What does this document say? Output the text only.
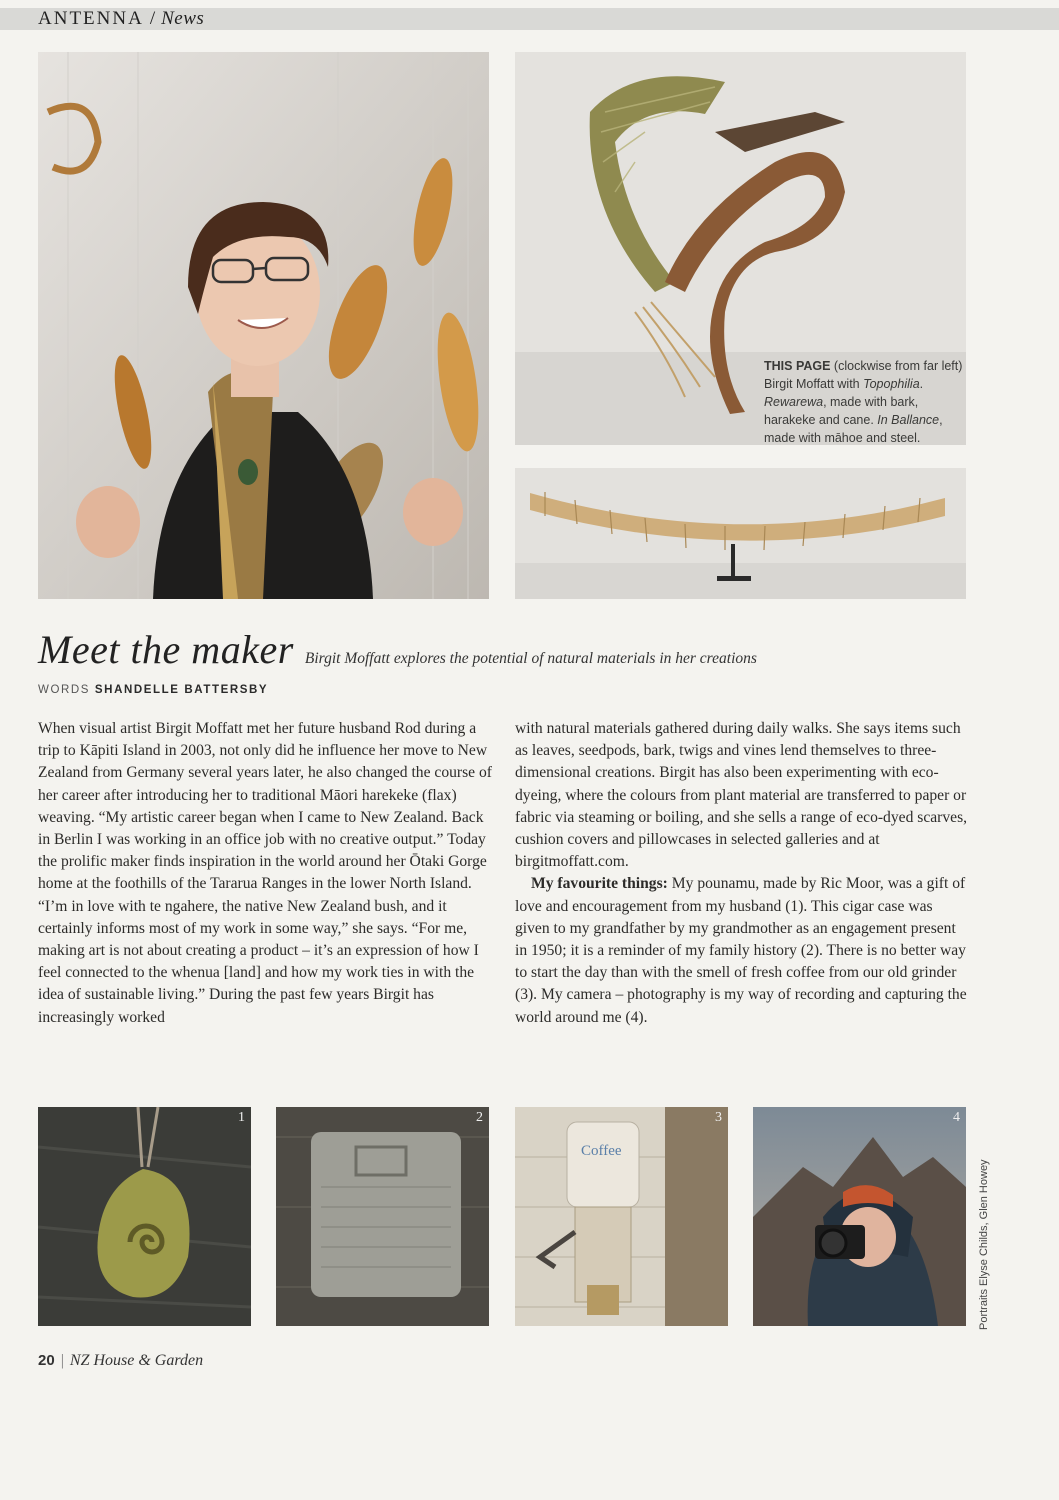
ANTENNA / News
THIS PAGE (clockwise from far left) Birgit Moffatt with Topophilia. Rewarewa, made with bark, harakeke and cane. In Ballance, made with māhoe and steel.
Meet the maker Birgit Moffatt explores the potential of natural materials in her creations
WORDS SHANDELLE BATTERSBY

When visual artist Birgit Moffatt met her future husband Rod during a trip to Kāpiti Island in 2003, not only did he influence her move to New Zealand from Germany several years later, he also changed the course of her career after introducing her to traditional Māori harekeke (flax) weaving. “My artistic career began when I came to New Zealand. Back in Berlin I was working in an office job with no creative output.” Today the prolific maker finds inspiration in the world around her Ōtaki Gorge home at the foothills of the Tararua Ranges in the lower North Island. “I’m in love with te ngahere, the native New Zealand bush, and it certainly informs most of my work in some way,” she says. “For me, making art is not about creating a product – it’s an expression of how I feel connected to the whenua [land] and how my work ties in with the idea of sustainable living.” During the past few years Birgit has increasingly worked

with natural materials gathered during daily walks. She says items such as leaves, seedpods, bark, twigs and vines lend themselves to three-dimensional creations. Birgit has also been experimenting with eco-dyeing, where the colours from plant material are transferred to paper or fabric via steaming or boiling, and she sells a range of eco-dyed scarves, cushion covers and pillowcases in selected galleries and at birgitmoffatt.com.

My favourite things: My pounamu, made by Ric Moor, was a gift of love and encouragement from my husband (1). This cigar case was given to my grandfather by my grandmother as an engagement present in 1950; it is a reminder of my family history (2). There is no better way to start the day than with the smell of fresh coffee from our old grinder (3). My camera – photography is my way of recording and capturing the world around me (4).

1	2
Coffee
3	4
Portraits Elyse Childs, Glen Howey
20 | NZ House & Garden
